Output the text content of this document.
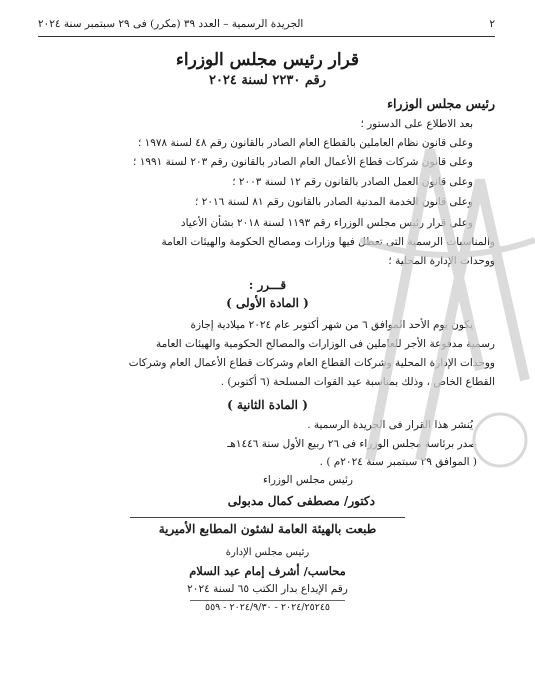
٢
الجريدة الرسمية – العدد ٣٩ (مكرر) فى ٢٩ سبتمبر سنة ٢٠٢٤
قرار رئيس مجلس الوزراء
رقم ٢٢٣٠ لسنة ٢٠٢٤
رئيس مجلس الوزراء
بعد الاطلاع على الدستور ؛
وعلى قانون نظام العاملين بالقطاع العام الصادر بالقانون رقم ٤٨ لسنة ١٩٧٨ ؛
وعلى قانون شركات قطاع الأعمال العام الصادر بالقانون رقم ٢٠٣ لسنة ١٩٩١ ؛
وعلى قانون العمل الصادر بالقانون رقم ١٢ لسنة ٢٠٠٣ ؛
وعلى قانون الخدمة المدنية الصادر بالقانون رقم ٨١ لسنة ٢٠١٦ ؛
وعلى قرار رئيس مجلس الوزراء رقم ١١٩٣ لسنة ٢٠١٨ بشأن الأعياد
والمناسبات الرسمية التى تعطل فيها وزارات ومصالح الحكومة والهيئات العامة
ووحدات الإدارة المحلية ؛
قـــرر :
( المادة الأولى )
يكون يوم الأحد الموافق ٦ من شهر أكتوبر عام ٢٠٢٤ ميلادية إجازة
رسمية مدفوعة الأجر للعاملين فى الوزارات والمصالح الحكومية والهيئات العامة
ووحدات الإدارة المحلية وشركات القطاع العام وشركات قطاع الأعمال العام وشركات
القطاع الخاص ، وذلك بمناسبة عيد القوات المسلحة (٦ أكتوبر) .
( المادة الثانية )
يُنشر هذا القرار فى الجريدة الرسمية .
صدر برئاسة مجلس الوزراء فى ٢٦ ربيع الأول سنة ١٤٤٦هـ
( الموافق ٢٩ سبتمبر سنة ٢٠٢٤م ) .
رئيس مجلس الوزراء
دكتور/ مصطفى كمال مدبولى
طبعت بالهيئة العامة لشئون المطابع الأميرية
رئيس مجلس الإدارة
محاسب/ أشرف إمام عبد السلام
رقم الإيداع بدار الكتب ٦٥ لسنة ٢٠٢٤
٢٠٢٤/٢٥٢٤٥ - ٢٠٢٤/٩/٣٠ - ٥٥٩
